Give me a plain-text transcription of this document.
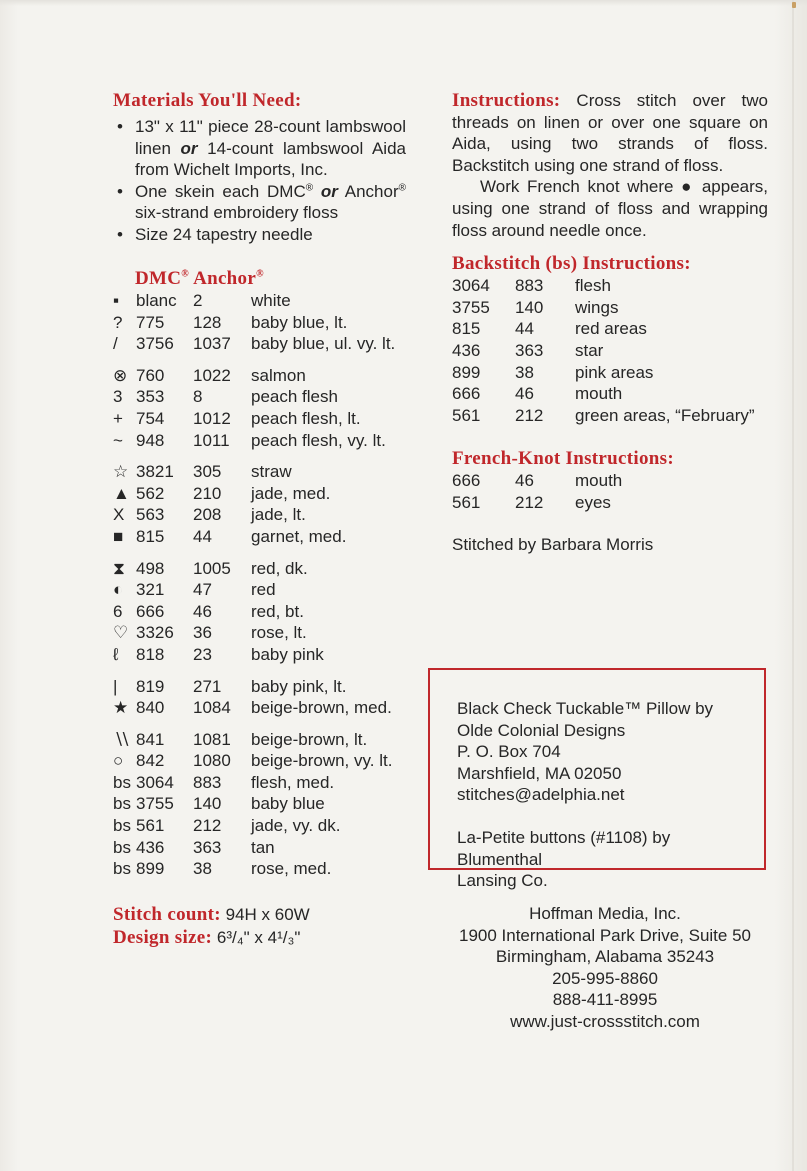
Materials You'll Need:
• 13" x 11" piece 28-count lambswool linen or 14-count lambswool Aida from Wichelt Imports, Inc.
• One skein each DMC® or Anchor® six-strand embroidery floss
• Size 24 tapestry needle
DMC® Anchor®
▪ blanc 2	white
? 775	128	baby blue, lt.
/	3756	1037	baby blue, ul. vy. lt.
⊗ 760	1022	salmon
3 353	8	peach flesh
+ 754	1012	peach flesh, lt.
~ 948	1011	peach flesh, vy. lt.
☆ 3821	305	straw
▲ 562	210	jade, med.
X 563	208	jade, lt.
■ 815	44	garnet, med.
⧗ 498	1005	red, dk.
◐ 321	47	red
6 666	46	red, bt.
♡ 3326	36	rose, lt.
ℓ	818	23	baby pink
|	819	271	baby pink, lt.
★ 840	1084	beige-brown, med.
∖∖ 841	1081	beige-brown, lt.
○ 842	1080	beige-brown, vy. lt.
bs 3064	883	flesh, med.
bs 3755	140	baby blue
bs 561	212	jade, vy. dk.
bs 436	363	tan
bs 899	38	rose, med.
Stitch count: 94H x 60W
Design size: 6³/₄" x 4¹/₃"

Instructions: Cross stitch over two threads on linen or over one square on Aida, using two strands of floss. Backstitch using one strand of floss.

Work French knot where ● appears, using one strand of floss and wrapping floss around needle once.

Backstitch (bs) Instructions:
3064	883	flesh
3755	140	wings
815	44	red areas
436	363	star
899	38	pink areas
666	46	mouth
561	212	green areas, “February”
French-Knot Instructions:
666	46	mouth
561	212	eyes
Stitched by Barbara Morris
Black Check Tuckable™ Pillow by
Olde Colonial Designs
P. O. Box 704
Marshfield, MA 02050
stitches@adelphia.net
La-Petite buttons (#1108) by Blumenthal
Lansing Co.
Hoffman Media, Inc.
1900 International Park Drive, Suite 50
Birmingham, Alabama 35243
205-995-8860
888-411-8995
www.just-crossstitch.com
